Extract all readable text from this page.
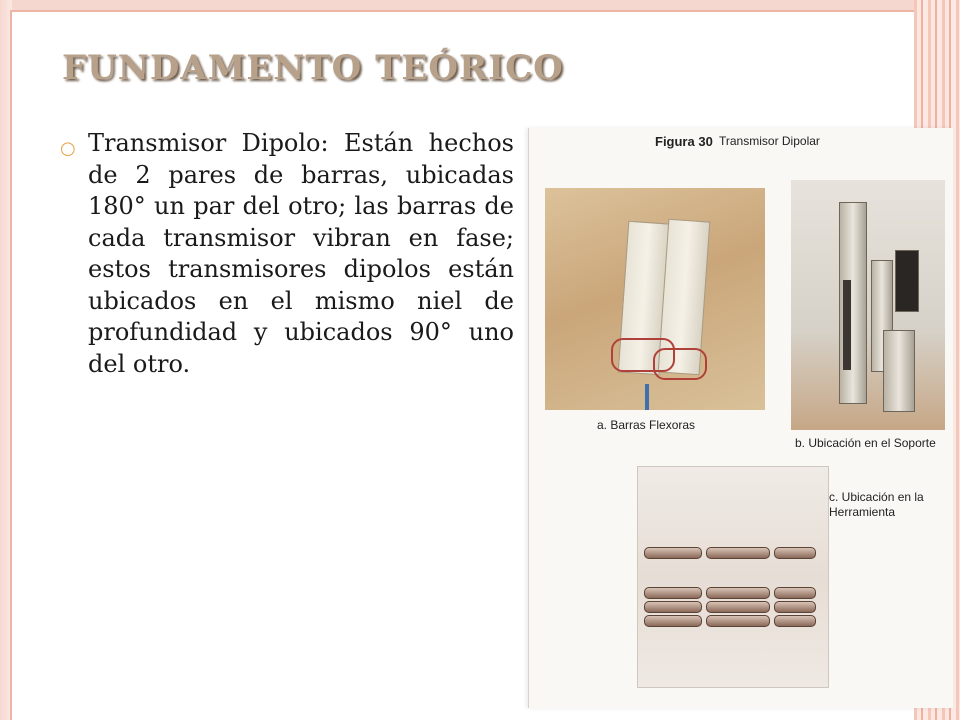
FUNDAMENTO TEÓRICO
○ Transmisor Dipolo: Están hechos de 2 pares de barras, ubicadas 180° un par del otro; las barras de cada transmisor vibran en fase; estos transmisores dipolos están ubicados en el mismo niel de profundidad y ubicados 90° uno del otro.

Figura 30 Transmisor Dipolar
a. Barras Flexoras
b. Ubicación en el Soporte
c. Ubicación en la Herramienta
